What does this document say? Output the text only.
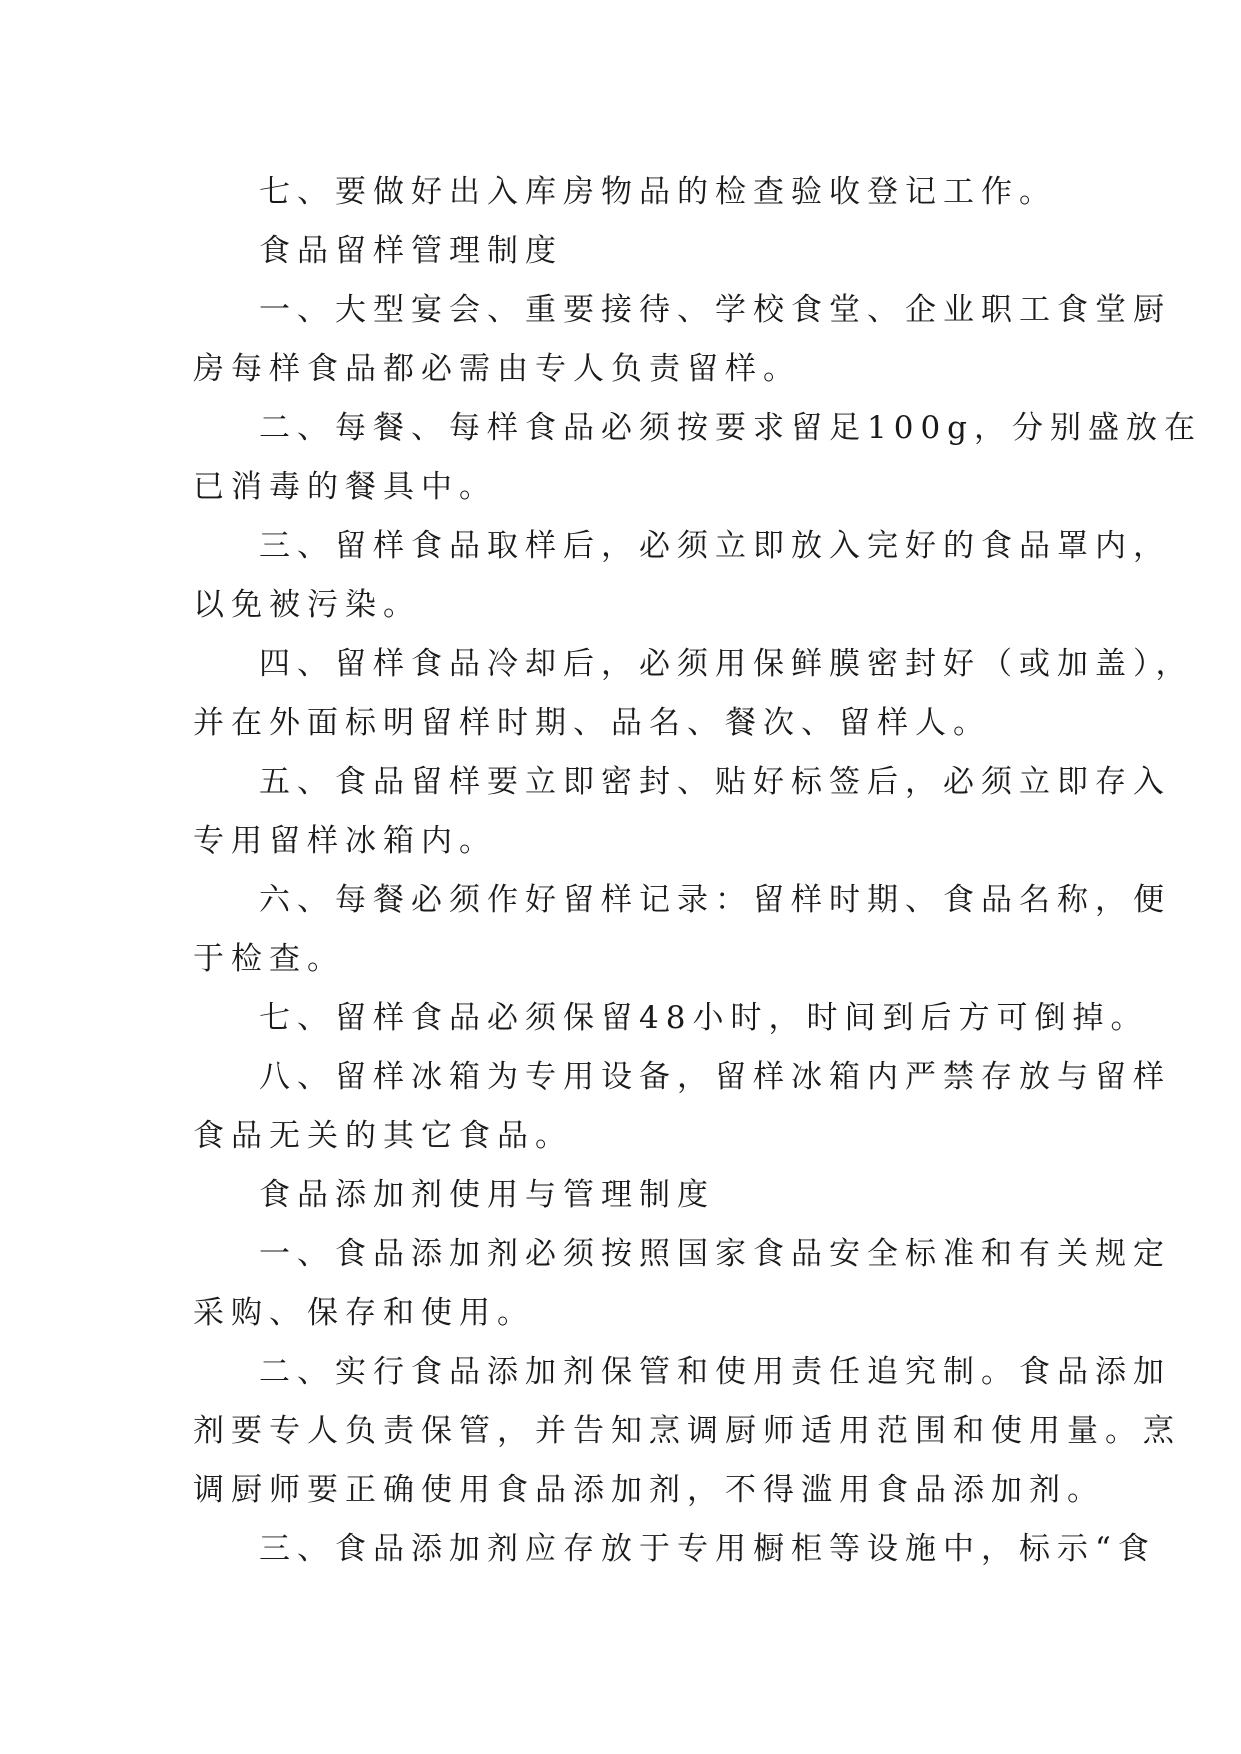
七、要做好出入库房物品的检查验收登记工作。
食品留样管理制度
一、大型宴会、重要接待、学校食堂、企业职工食堂厨
房每样食品都必需由专人负责留样。
二、每餐、每样食品必须按要求留足100g，分别盛放在
已消毒的餐具中。
三、留样食品取样后，必须立即放入完好的食品罩内，
以免被污染。
四、留样食品冷却后，必须用保鲜膜密封好（或加盖），
并在外面标明留样时期、品名、餐次、留样人。
五、食品留样要立即密封、贴好标签后，必须立即存入
专用留样冰箱内。
六、每餐必须作好留样记录：留样时期、食品名称，便
于检查。
七、留样食品必须保留48小时，时间到后方可倒掉。
八、留样冰箱为专用设备，留样冰箱内严禁存放与留样
食品无关的其它食品。
食品添加剂使用与管理制度
一、食品添加剂必须按照国家食品安全标准和有关规定
采购、保存和使用。
二、实行食品添加剂保管和使用责任追究制。食品添加
剂要专人负责保管，并告知烹调厨师适用范围和使用量。烹
调厨师要正确使用食品添加剂，不得滥用食品添加剂。
三、食品添加剂应存放于专用橱柜等设施中，标示“食
